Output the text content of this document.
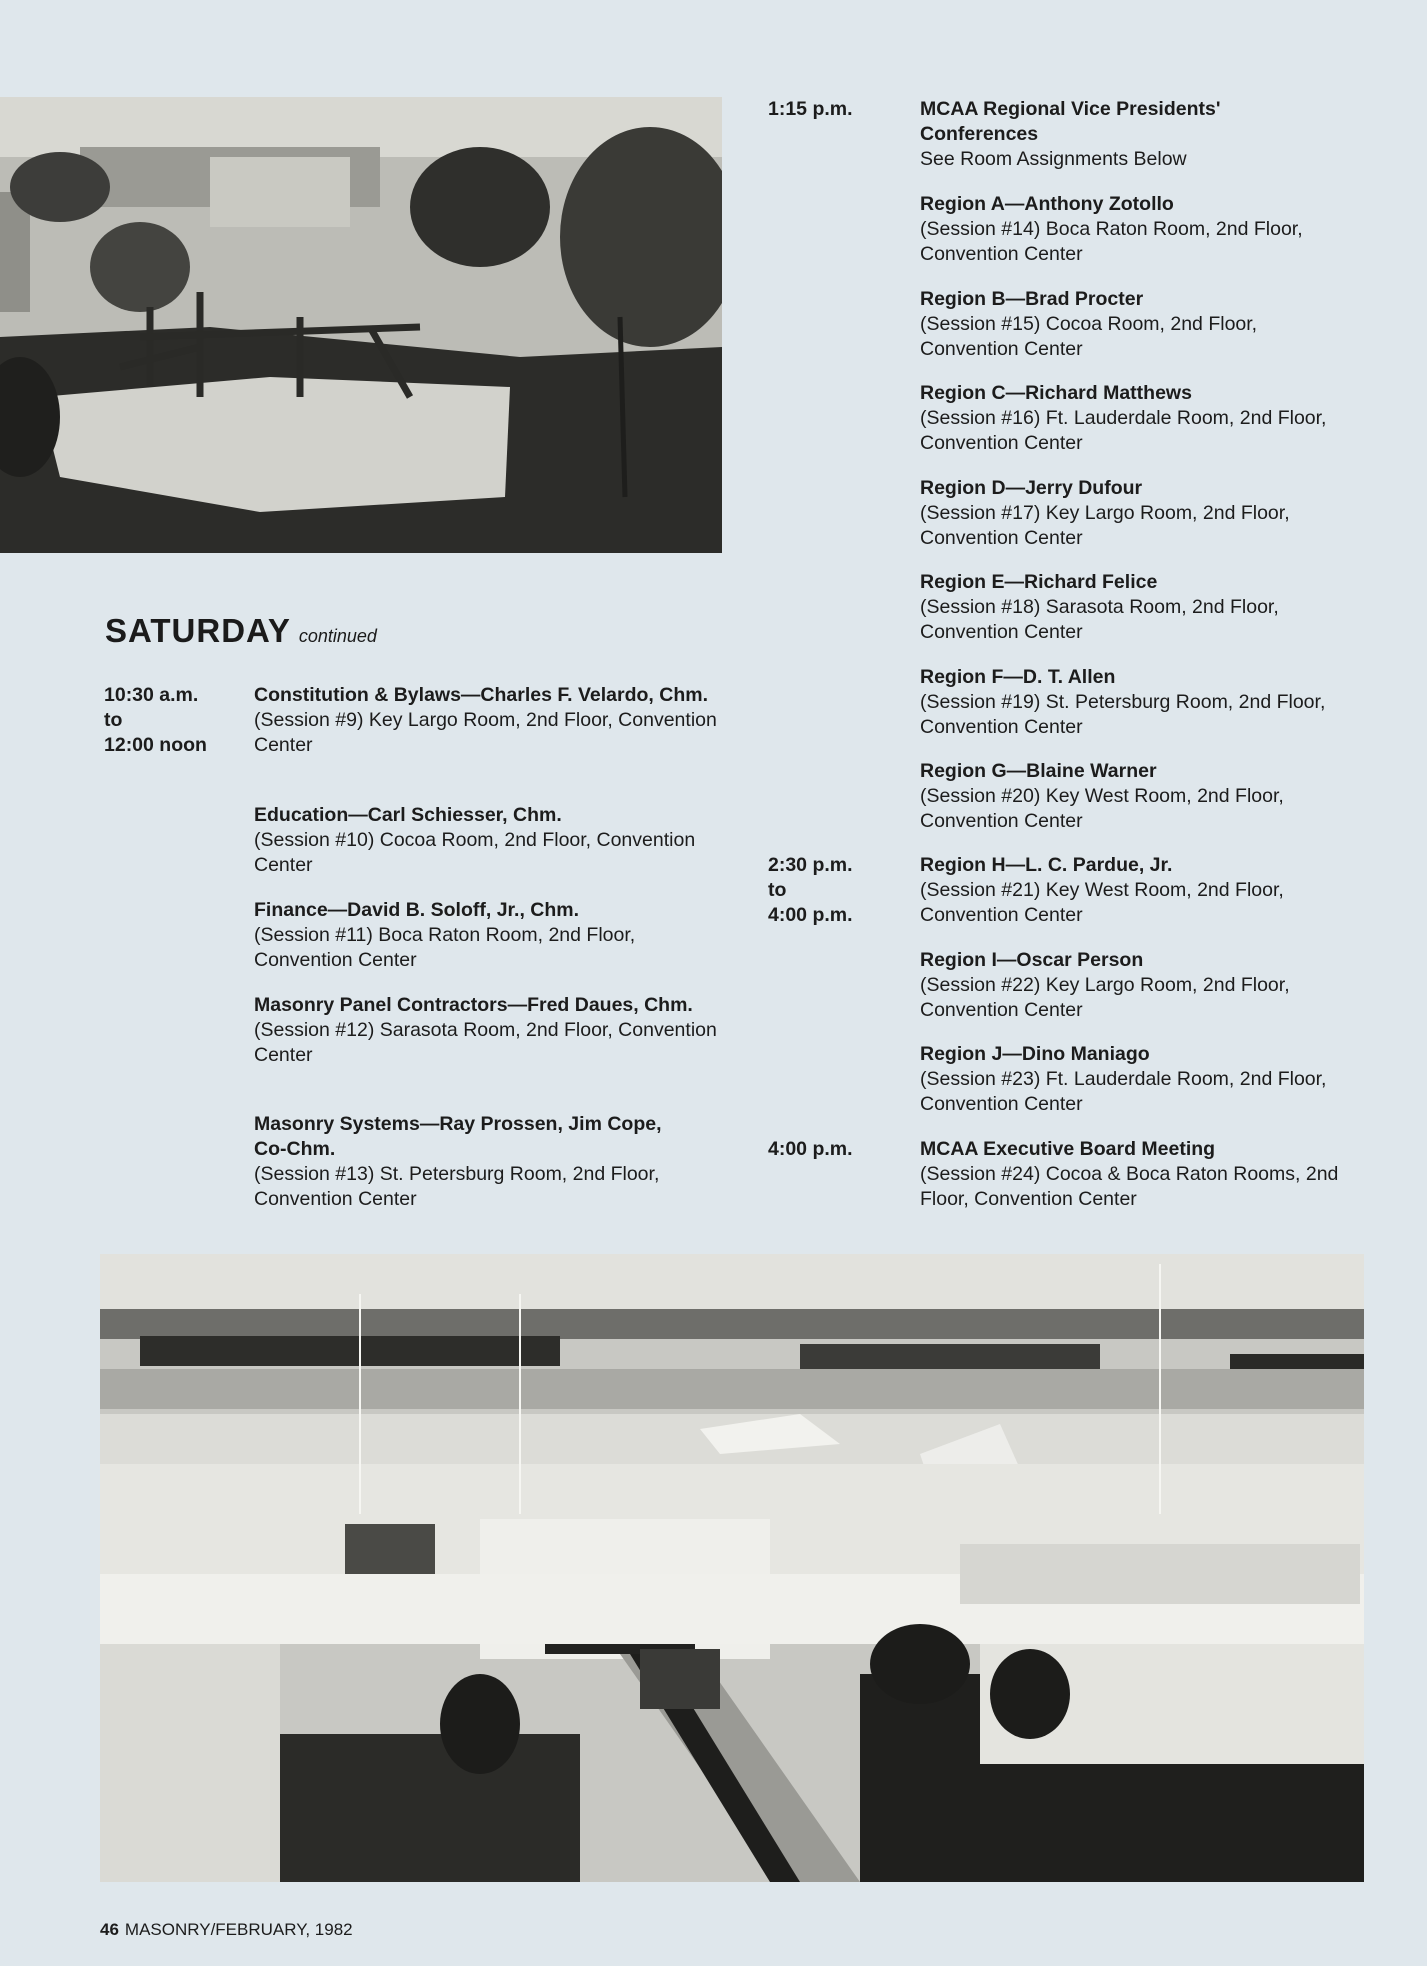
SATURDAY continued
10:30 a.m.
to
12:00 noon
Constitution & Bylaws—Charles F. Velardo, Chm.
(Session #9) Key Largo Room, 2nd Floor, Convention Center
Education—Carl Schiesser, Chm.
(Session #10) Cocoa Room, 2nd Floor, Convention Center
Finance—David B. Soloff, Jr., Chm.
(Session #11) Boca Raton Room, 2nd Floor, Convention Center
Masonry Panel Contractors—Fred Daues, Chm.
(Session #12) Sarasota Room, 2nd Floor, Convention Center
Masonry Systems—Ray Prossen, Jim Cope, Co-Chm.
(Session #13) St. Petersburg Room, 2nd Floor, Convention Center
1:15 p.m.
2:30 p.m.
to
4:00 p.m.
4:00 p.m.
MCAA Regional Vice Presidents' Conferences
See Room Assignments Below
Region A—Anthony Zotollo
(Session #14) Boca Raton Room, 2nd Floor, Convention Center
Region B—Brad Procter
(Session #15) Cocoa Room, 2nd Floor, Convention Center
Region C—Richard Matthews
(Session #16) Ft. Lauderdale Room, 2nd Floor, Convention Center
Region D—Jerry Dufour
(Session #17) Key Largo Room, 2nd Floor, Convention Center
Region E—Richard Felice
(Session #18) Sarasota Room, 2nd Floor, Convention Center
Region F—D. T. Allen
(Session #19) St. Petersburg Room, 2nd Floor, Convention Center
Region G—Blaine Warner
(Session #20) Key West Room, 2nd Floor, Convention Center
Region H—L. C. Pardue, Jr.
(Session #21) Key West Room, 2nd Floor, Convention Center
Region I—Oscar Person
(Session #22) Key Largo Room, 2nd Floor, Convention Center
Region J—Dino Maniago
(Session #23) Ft. Lauderdale Room, 2nd Floor, Convention Center
MCAA Executive Board Meeting
(Session #24) Cocoa & Boca Raton Rooms, 2nd Floor, Convention Center
46 MASONRY/FEBRUARY, 1982
